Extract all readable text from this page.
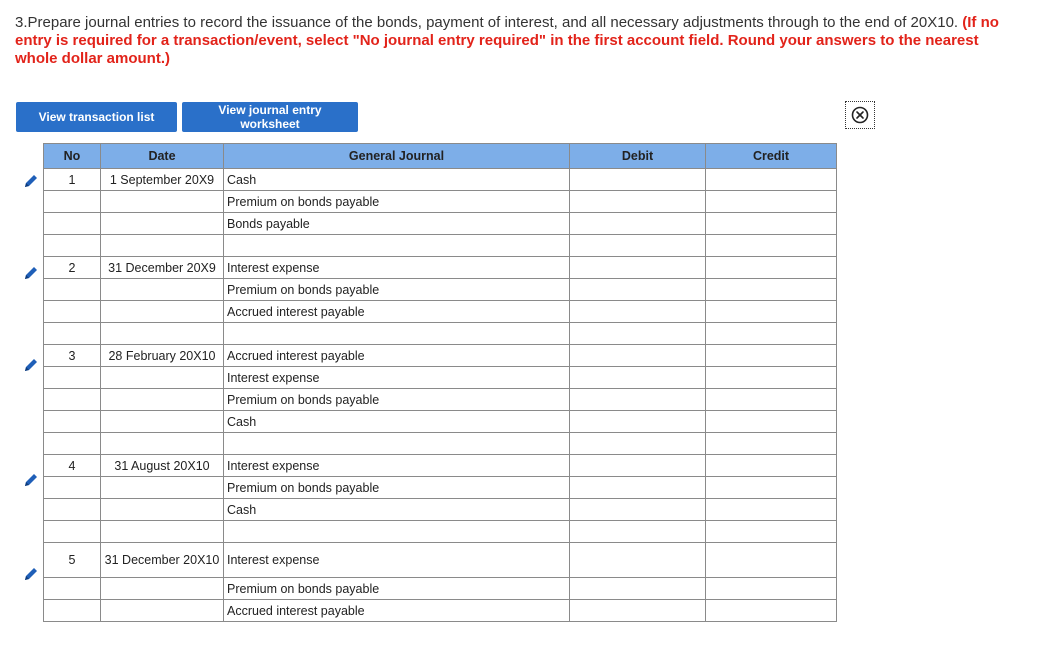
3.Prepare journal entries to record the issuance of the bonds, payment of interest, and all necessary adjustments through to the end of 20X10. (If no entry is required for a transaction/event, select "No journal entry required" in the first account field. Round your answers to the nearest whole dollar amount.)
View transaction list	View journal entry worksheet
No	Date	General Journal	Debit	Credit
1	1 September 20X9	Cash		
		Premium on bonds payable		
		Bonds payable		

2	31 December 20X9	Interest expense		
		Premium on bonds payable		
		Accrued interest payable		

3	28 February 20X10	Accrued interest payable		
		Interest expense		
		Premium on bonds payable		
		Cash		

4	31 August 20X10	Interest expense		
		Premium on bonds payable		
		Cash		

5	31 December 20X10	Interest expense		
		Premium on bonds payable		
		Accrued interest payable		
